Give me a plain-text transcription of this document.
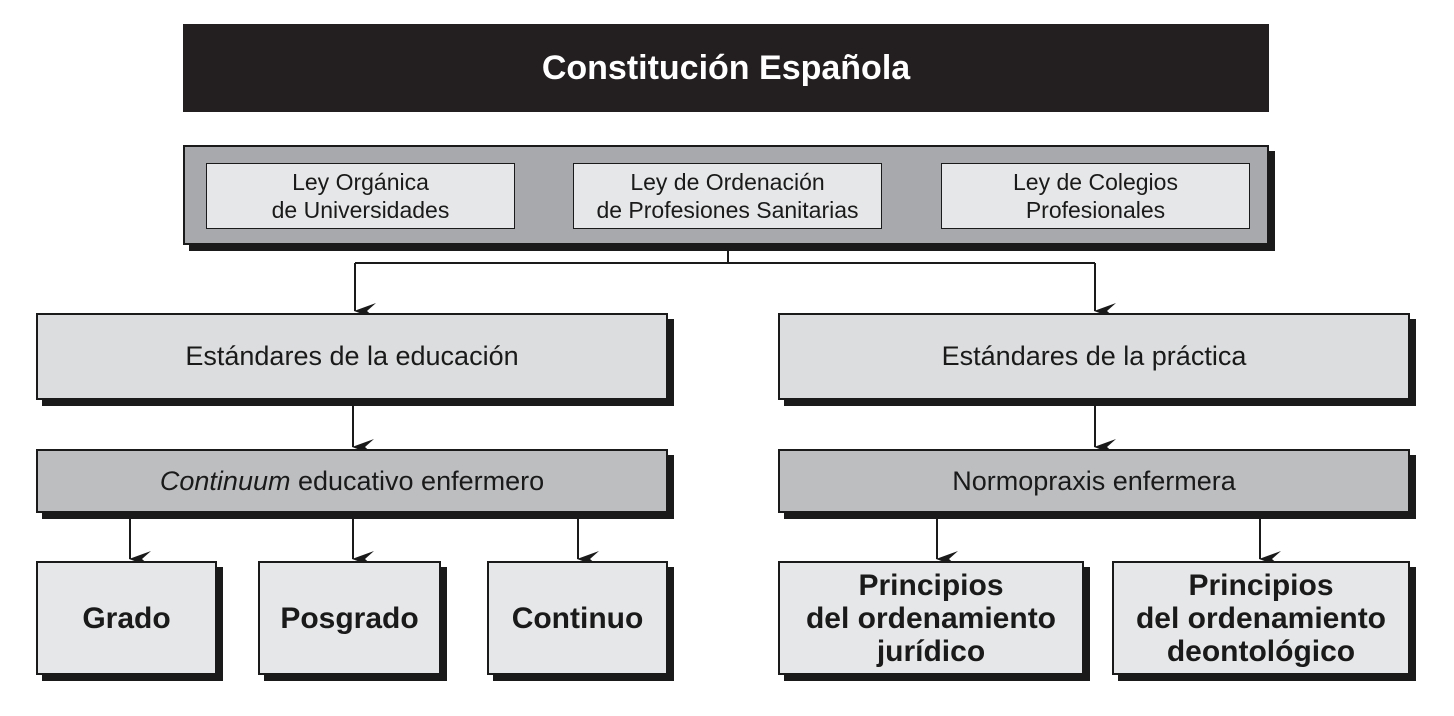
Constitución Española
Ley Orgánica
de Universidades
Ley de Ordenación
de Profesiones Sanitarias
Ley de Colegios
Profesionales
Estándares de la educación	Estándares de la práctica
Continuum educativo enfermero	Normopraxis enfermera
Grado	Posgrado	Continuo
Principios
del ordenamiento
jurídico
Principios
del ordenamiento
deontológico
